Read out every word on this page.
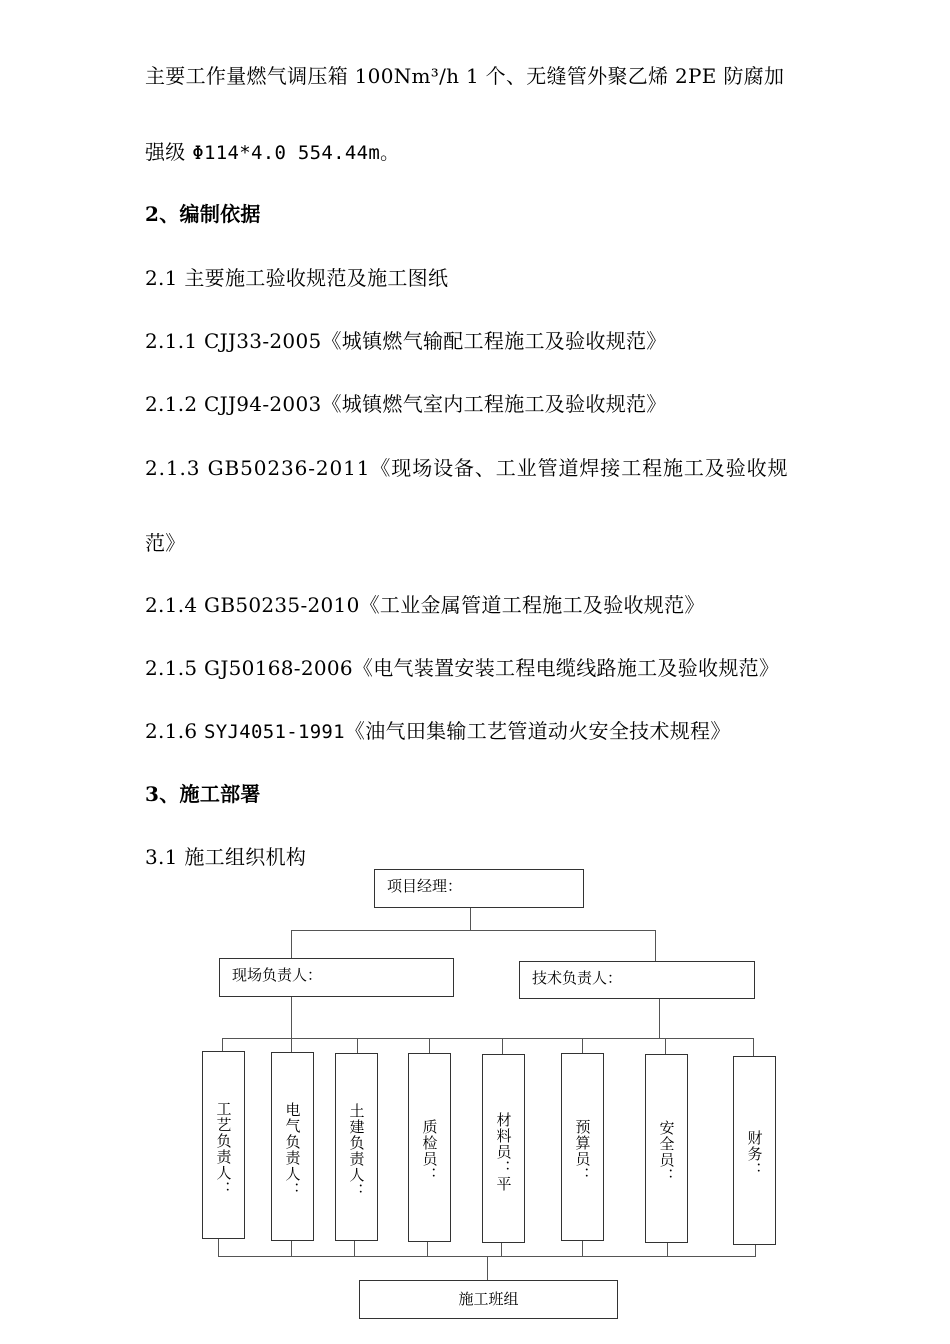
主要工作量燃气调压箱 100Nm³/h 1 个、无缝管外聚乙烯 2PE 防腐加
强级 Φ114*4.0 554.44m。
2、编制依据
2.1 主要施工验收规范及施工图纸
2.1.1 CJJ33-2005《城镇燃气输配工程施工及验收规范》
2.1.2 CJJ94-2003《城镇燃气室内工程施工及验收规范》
2.1.3 GB50236-2011《现场设备、工业管道焊接工程施工及验收规
范》
2.1.4 GB50235-2010《工业金属管道工程施工及验收规范》
2.1.5 GJ50168-2006《电气装置安装工程电缆线路施工及验收规范》
2.1.6 SYJ4051-1991《油气田集输工艺管道动火安全技术规程》
3、施工部署
3.1 施工组织机构
项目经理：
现场负责人：	技术负责人：
工艺负责人：	电气负责人：	土建负责人：	质检员：	材料员：平	预算员：	安全员：	财务：
施工班组
